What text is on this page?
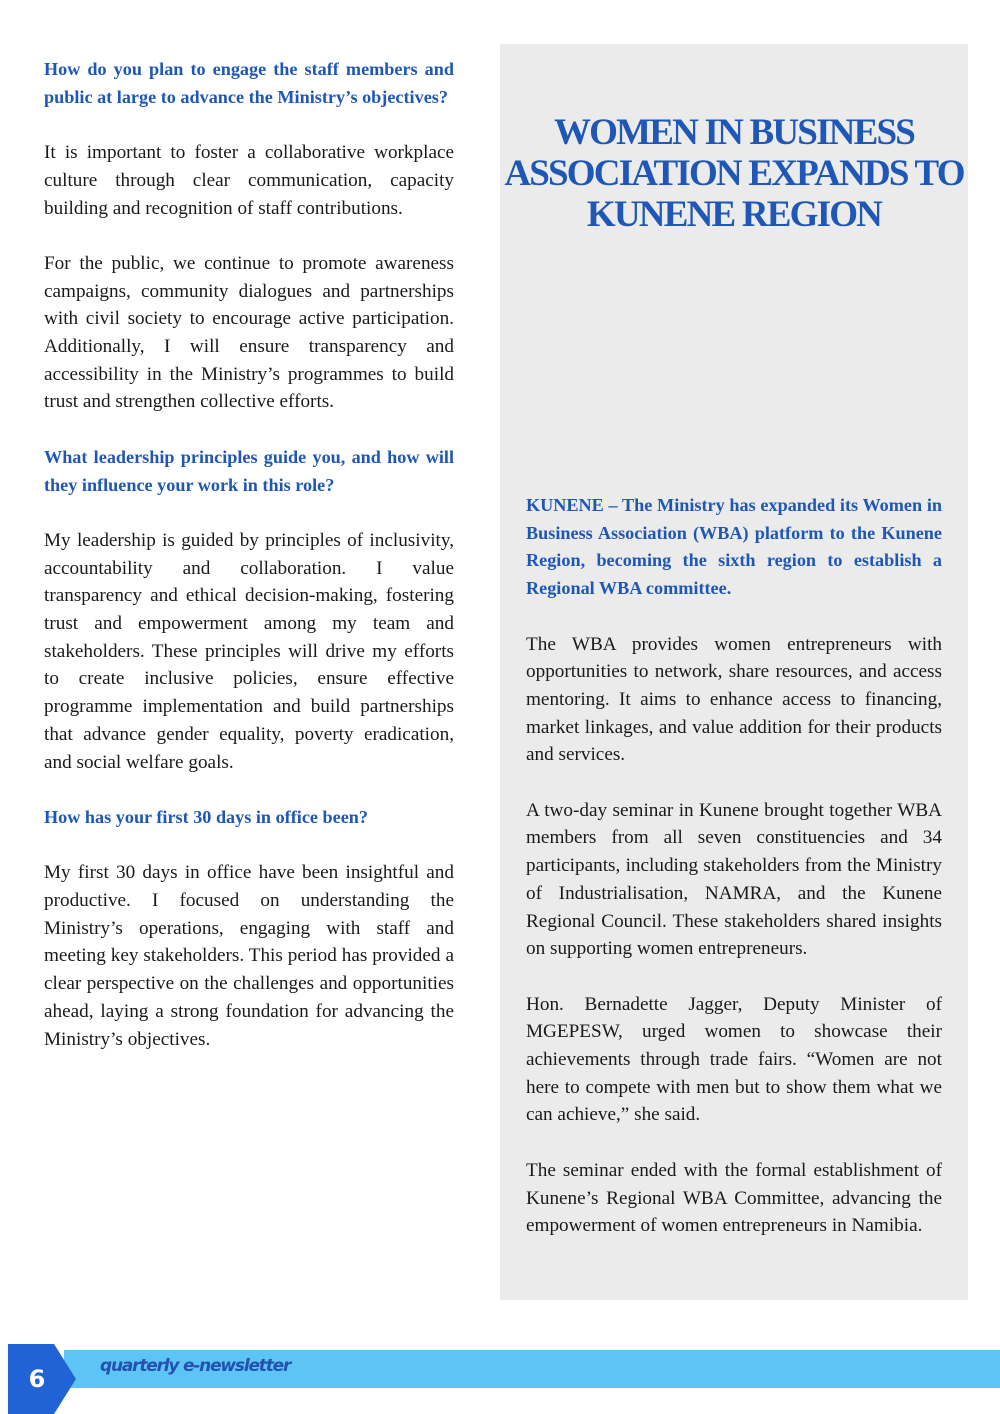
How do you plan to engage the staff members and public at large to advance the Ministry’s objectives?

It is important to foster a collaborative workplace culture through clear communication, capacity building and recognition of staff contributions.

For the public, we continue to promote awareness campaigns, community dialogues and partnerships with civil society to encourage active participation. Additionally, I will ensure transparency and accessibility in the Ministry’s programmes to build trust and strengthen collective efforts.

What leadership principles guide you, and how will they influence your work in this role?

My leadership is guided by principles of inclusivity, accountability and collaboration. I value transparency and ethical decision-making, fostering trust and empowerment among my team and stakeholders. These principles will drive my efforts to create inclusive policies, ensure effective programme implementation and build partnerships that advance gender equality, poverty eradication, and social welfare goals.

How has your first 30 days in office been?

My first 30 days in office have been insightful and productive. I focused on understanding the Ministry’s operations, engaging with staff and meeting key stakeholders. This period has provided a clear perspective on the challenges and opportunities ahead, laying a strong foundation for advancing the Ministry’s objectives.

WOMEN IN BUSINESS ASSOCIATION EXPANDS TO KUNENE REGION

KUNENE – The Ministry has expanded its Women in Business Association (WBA) platform to the Kunene Region, becoming the sixth region to establish a Regional WBA committee.

The WBA provides women entrepreneurs with opportunities to network, share resources, and access mentoring. It aims to enhance access to financing, market linkages, and value addition for their products and services.

A two-day seminar in Kunene brought together WBA members from all seven constituencies and 34 participants, including stakeholders from the Ministry of Industrialisation, NAMRA, and the Kunene Regional Council. These stakeholders shared insights on supporting women entrepreneurs.

Hon. Bernadette Jagger, Deputy Minister of MGEPESW, urged women to showcase their achievements through trade fairs. “Women are not here to compete with men but to show them what we can achieve,” she said.

The seminar ended with the formal establishment of Kunene’s Regional WBA Committee, advancing the empowerment of women entrepreneurs in Namibia.

quarterly e-newsletter
6
